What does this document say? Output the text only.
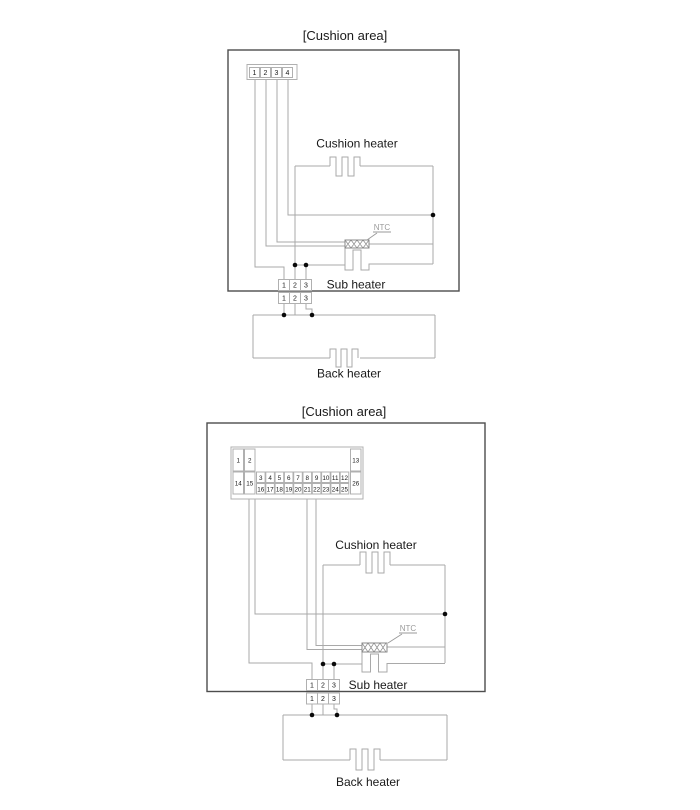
[Cushion area]
NTC
1 2 3 4
1 2 3
1 2 3
Cushion heater
Sub heater
Back heater
[Cushion area]
NTC
1 2	13
14 15	26
3 4 5 6 7 8 9 10 11 12
16 17 18 19 20 21 22 23 24 25
1 2 3
1 2 3
Cushion heater
Sub heater
Back heater
